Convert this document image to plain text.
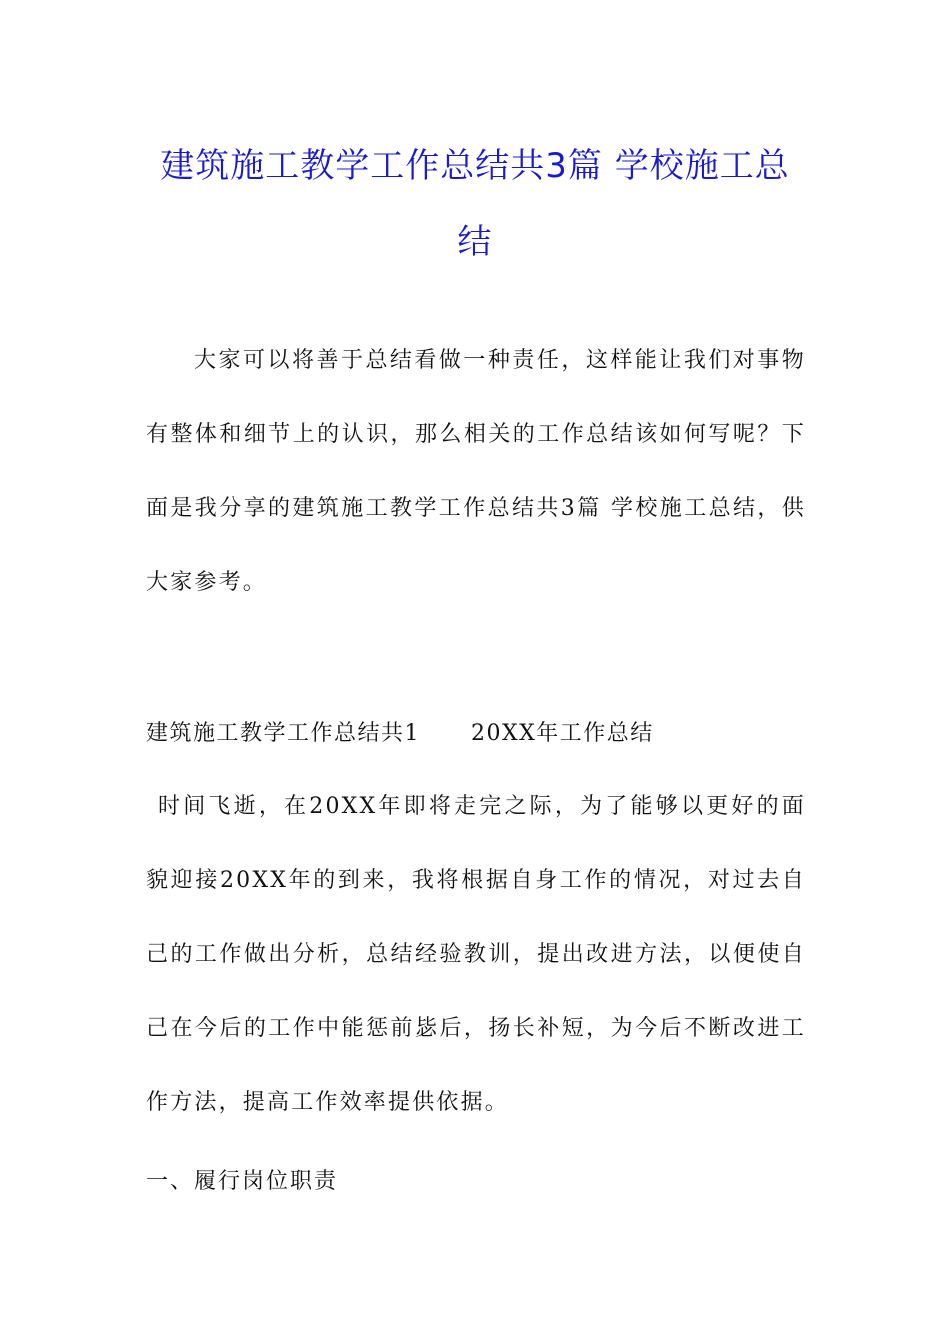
建筑施工教学工作总结共3篇 学校施工总
结
大家可以将善于总结看做一种责任，这样能让我们对事物有整体和细节上的认识，那么相关的工作总结该如何写呢？下面是我分享的建筑施工教学工作总结共3篇 学校施工总结，供大家参考。
建筑施工教学工作总结共1      20XX年工作总结
时间飞逝，在20XX年即将走完之际，为了能够以更好的面貌迎接20XX年的到来，我将根据自身工作的情况，对过去自己的工作做出分析，总结经验教训，提出改进方法，以便使自己在今后的工作中能惩前毖后，扬长补短，为今后不断改进工作方法，提高工作效率提供依据。
一、履行岗位职责
